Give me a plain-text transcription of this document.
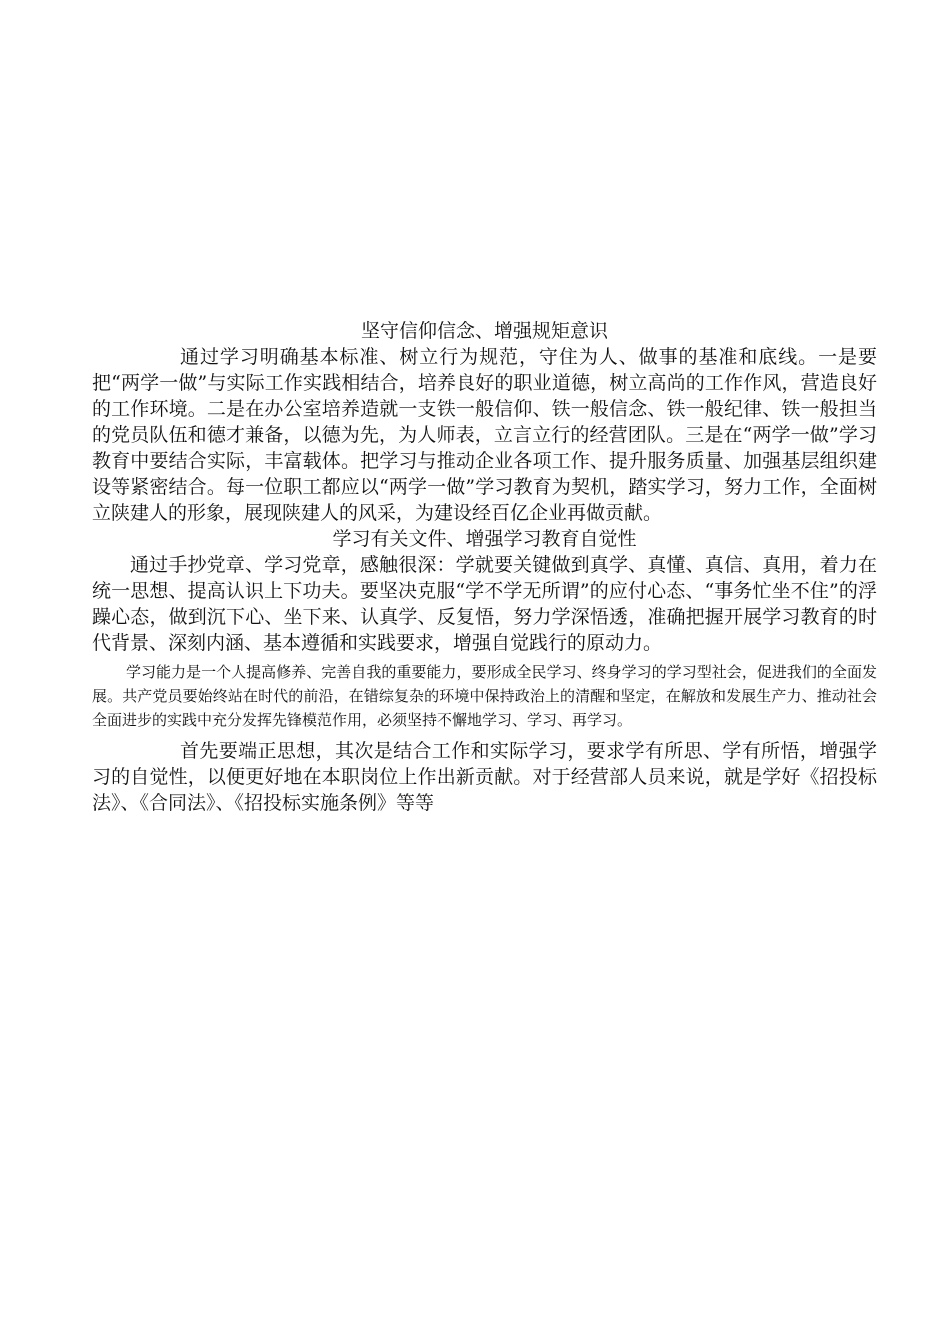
坚守信仰信念、增强规矩意识

通过学习明确基本标准、树立行为规范，守住为人、做事的基准和底线。一是要把“两学一做”与实际工作实践相结合，培养良好的职业道德，树立高尚的工作作风，营造良好的工作环境。二是在办公室培养造就一支铁一般信仰、铁一般信念、铁一般纪律、铁一般担当的党员队伍和德才兼备，以德为先，为人师表，立言立行的经营团队。三是在“两学一做”学习教育中要结合实际，丰富载体。把学习与推动企业各项工作、提升服务质量、加强基层组织建设等紧密结合。每一位职工都应以“两学一做”学习教育为契机，踏实学习，努力工作，全面树立陕建人的形象，展现陕建人的风采，为建设经百亿企业再做贡献。

学习有关文件、增强学习教育自觉性

通过手抄党章、学习党章，感触很深：学就要关键做到真学、真懂、真信、真用，着力在统一思想、提高认识上下功夫。要坚决克服“学不学无所谓”的应付心态、“事务忙坐不住”的浮躁心态，做到沉下心、坐下来、认真学、反复悟，努力学深悟透，准确把握开展学习教育的时代背景、深刻内涵、基本遵循和实践要求，增强自觉践行的原动力。

学习能力是一个人提高修养、完善自我的重要能力，要形成全民学习、终身学习的学习型社会，促进我们的全面发展。共产党员要始终站在时代的前沿，在错综复杂的环境中保持政治上的清醒和坚定，在解放和发展生产力、推动社会全面进步的实践中充分发挥先锋模范作用，必须坚持不懈地学习、学习、再学习。

首先要端正思想，其次是结合工作和实际学习，要求学有所思、学有所悟，增强学习的自觉性，以便更好地在本职岗位上作出新贡献。对于经营部人员来说，就是学好《招投标法》、《合同法》、《招投标实施条例》等等
